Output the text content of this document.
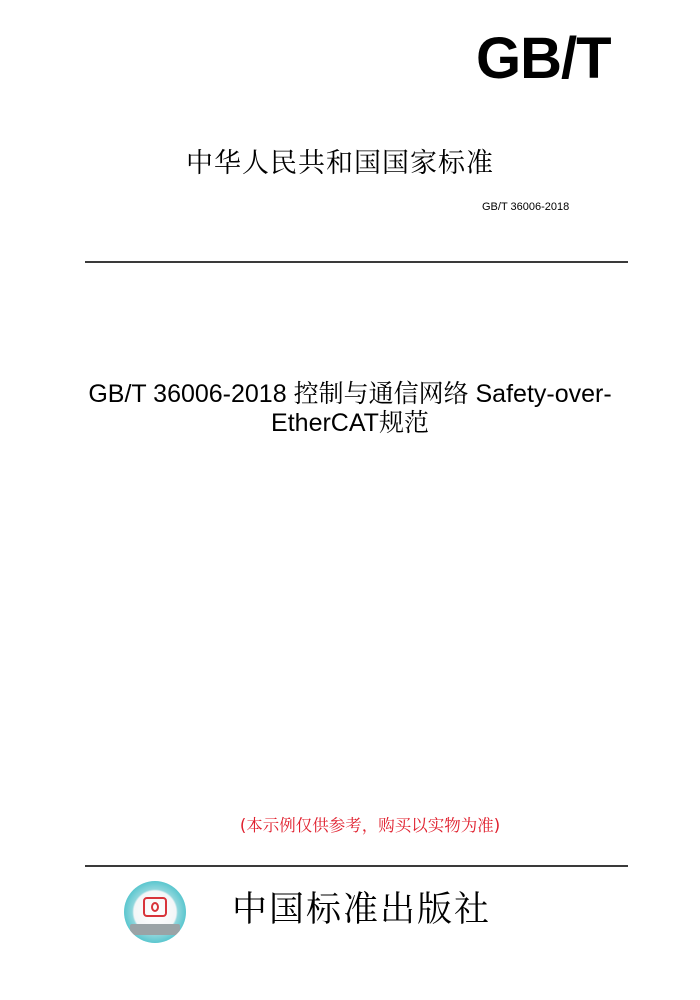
GB/T
中华人民共和国国家标准
GB/T 36006-2018
GB/T 36006-2018 控制与通信网络 Safety-over-
EtherCAT规范
(本示例仅供参考，购买以实物为准)
中国标准出版社
